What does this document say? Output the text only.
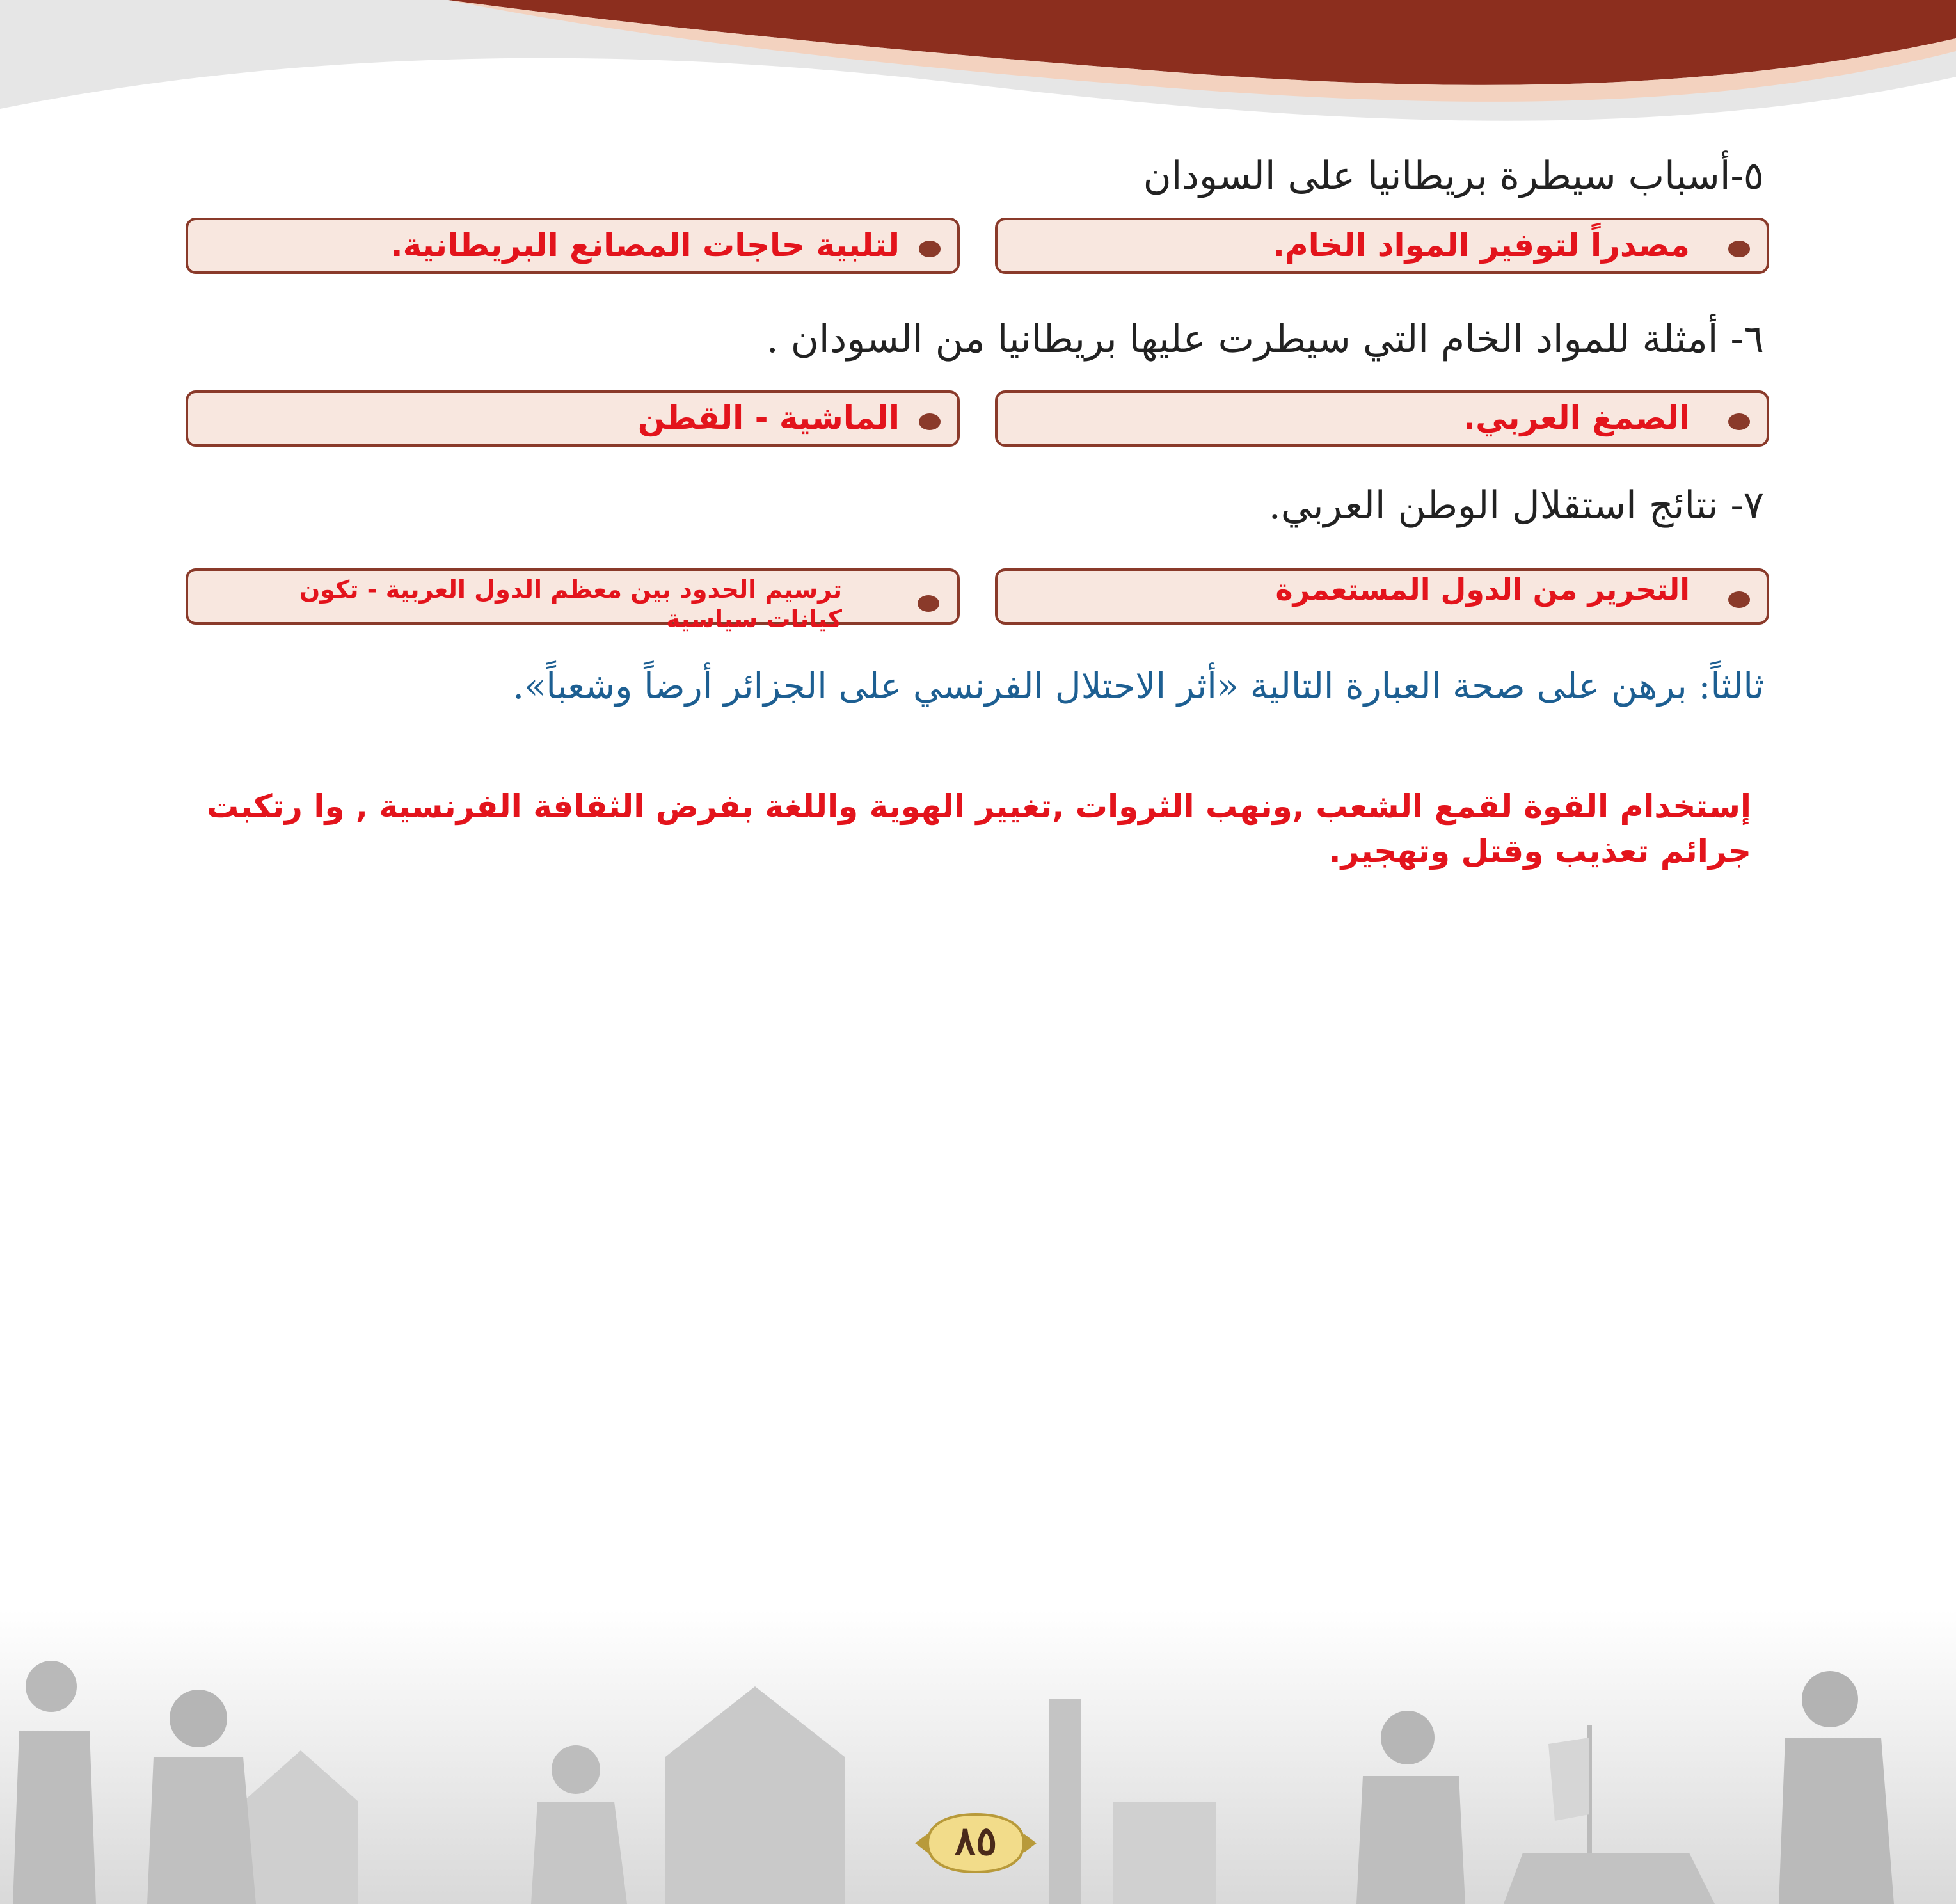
٥-أسباب سيطرة بريطانيا على السودان
مصدراً لتوفير المواد الخام.
لتلبية حاجات المصانع البريطانية.
٦- أمثلة للمواد الخام التي سيطرت عليها بريطانيا من السودان .
الصمغ العربي.
الماشية - القطن
٧- نتائج استقلال الوطن العربي.
التحرير من الدول المستعمرة
ترسيم الحدود بين معظم الدول العربية - تكون كيانات سياسية
ثالثاً: برهن على صحة العبارة التالية «أثر الاحتلال الفرنسي على الجزائر أرضاً وشعباً».
إستخدام القوة لقمع الشعب ,ونهب الثروات ,تغيير الهوية واللغة بفرض الثقافة الفرنسية , وا رتكبت جرائم تعذيب وقتل وتهجير.
٨٥
